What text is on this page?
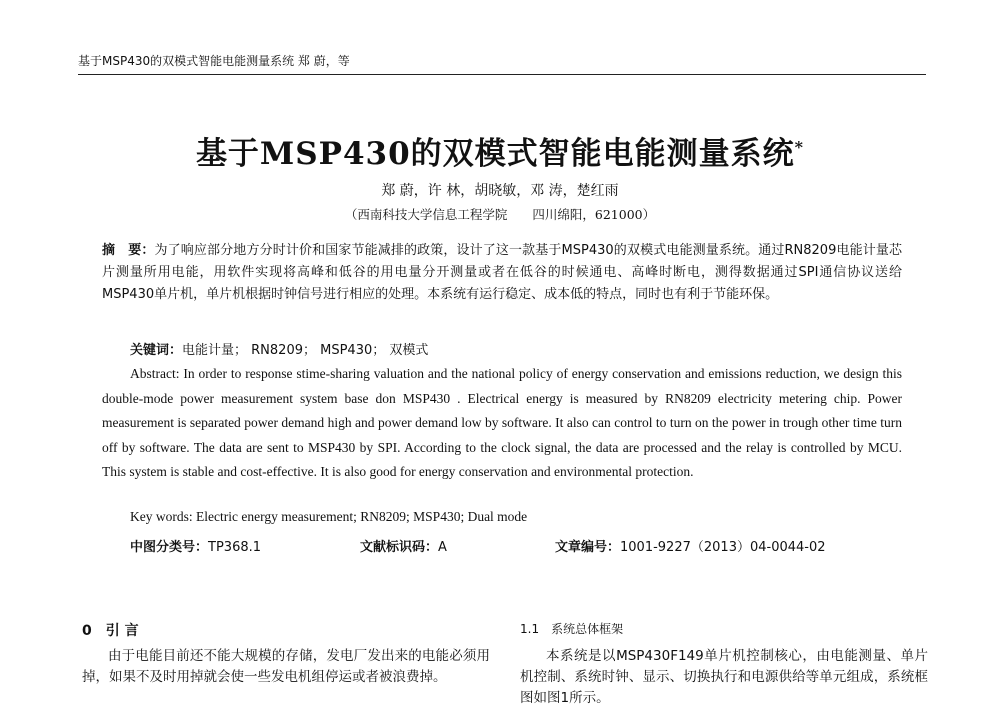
基于MSP430的双模式智能电能测量系统 郑 蔚，等
基于MSP430的双模式智能电能测量系统*
郑 蔚，许 林，胡晓敏，邓 涛，楚红雨
（西南科技大学信息工程学院　　四川绵阳，621000）
摘　要：为了响应部分地方分时计价和国家节能减排的政策，设计了这一款基于MSP430的双模式电能测量系统。通过RN8209电能计量芯片测量所用电能，用软件实现将高峰和低谷的用电量分开测量或者在低谷的时候通电、高峰时断电，测得数据通过SPI通信协议送给MSP430单片机，单片机根据时钟信号进行相应的处理。本系统有运行稳定、成本低的特点，同时也有利于节能环保。
关键词：电能计量； RN8209； MSP430； 双模式
Abstract: In order to response stime-sharing valuation and the national policy of energy conservation and emissions reduction, we design this double-mode power measurement system base don MSP430 . Electrical energy is measured by RN8209 electricity metering chip. Power measurement is separated power demand high and power demand low by software. It also can control to turn on the power in trough other time turn off by software. The data are sent to MSP430 by SPI. According to the clock signal, the data are processed and the relay is controlled by MCU. This system is stable and cost-effective. It is also good for energy conservation and environmental protection.
Key words: Electric energy measurement; RN8209; MSP430; Dual mode
中图分类号：TP368.1	文献标识码：A	文章编号：1001-9227（2013）04-0044-02
0　引 言
由于电能目前还不能大规模的存储，发电厂发出来的电能必须用掉，如果不及时用掉就会使一些发电机组停运或者被浪费掉。
1.1　系统总体框架
本系统是以MSP430F149单片机控制核心，由电能测量、单片机控制、系统时钟、显示、切换执行和电源供给等单元组成，系统框图如图1所示。
